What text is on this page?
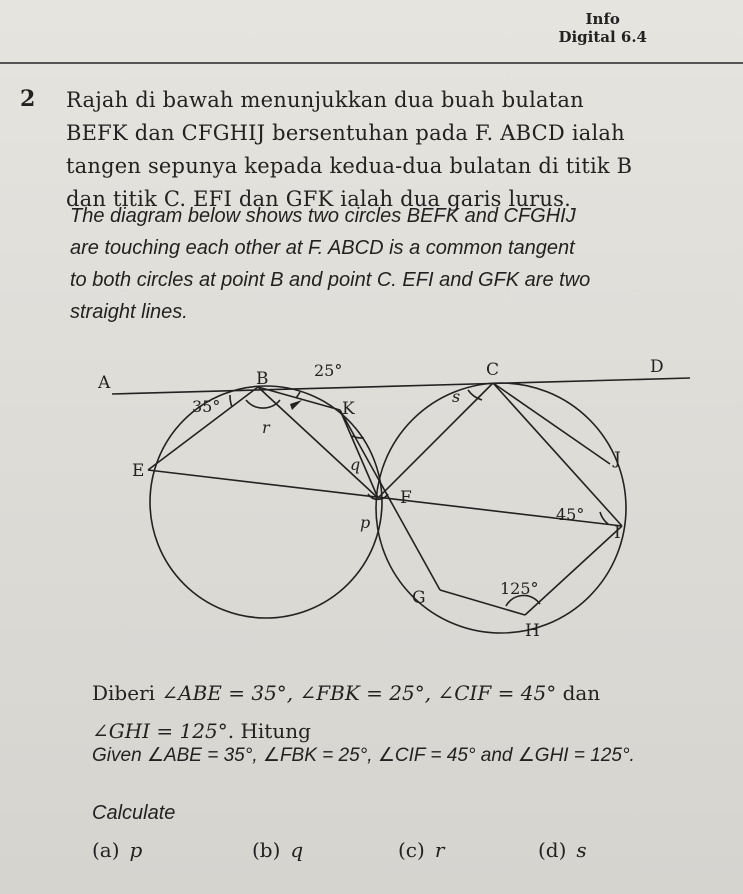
Info
Digital 6.4
2 Rajah di bawah menunjukkan dua buah bulatan
BEFK dan CFGHIJ bersentuhan pada F. ABCD ialah
tangen sepunya kepada kedua-dua bulatan di titik B
dan titik C. EFI dan GFK ialah dua garis lurus.
The diagram below shows two circles BEFK and CFGHIJ
are touching each other at F. ABCD is a common tangent
to both circles at point B and point C. EFI and GFK are two
straight lines.
A	B	C	D
E
F
G
H
I
J
K
r
q
p
s
35°
25°
45°
125°
Diberi ∠ABE = 35°, ∠FBK = 25°, ∠CIF = 45° dan
∠GHI = 125°. Hitung
Given ∠ABE = 35°, ∠FBK = 25°, ∠CIF = 45° and ∠GHI = 125°.
Calculate
(a) p	(b) q	(c) r	(d) s
